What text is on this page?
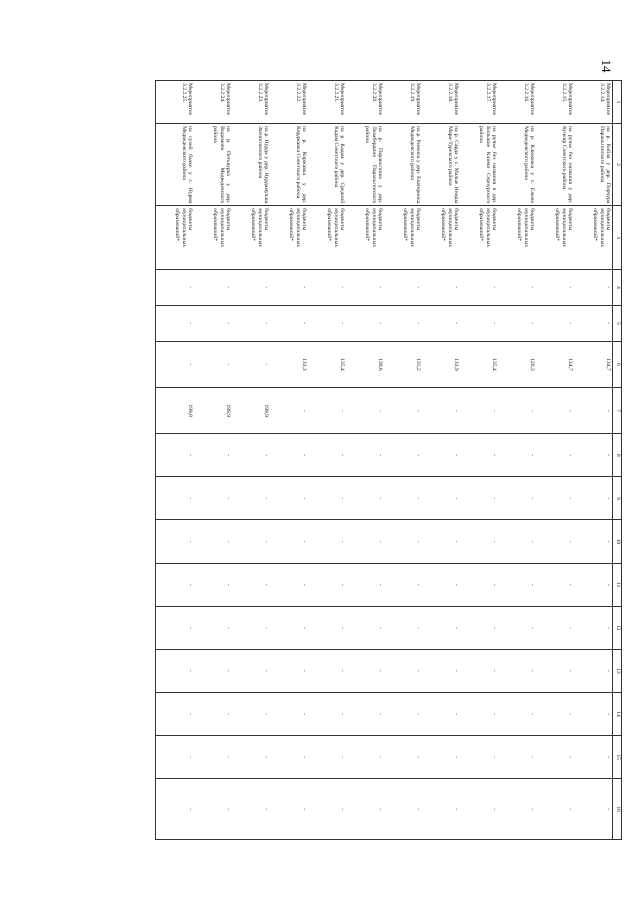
14
1	2	3	4	5	6	7	8	9	10	11	12	13	14	15	16
Мероприятие 3.2.2.14.	на р. Койла у дер. Порчура Параньгинского района	бюджеты муниципальных образований*	-	-	134,7	-	-	-	-	-	-	-	-	-	-
Мероприятие 3.2.2.15.	на ручье без названия у дер. Кучеир Советского района	бюджеты муниципальных образований*	-	-	134,7	-	-	-	-	-	-	-	-	-	-
Мероприятие 3.2.2.16.	на р. Клюковка у с. Ежово Медведевского района	бюджеты муниципальных образований*	-	-	120,3	-	-	-	-	-	-	-	-	-	-
Мероприятие 3.2.2.17.	на ручье без названия в дер. Большие Ключи Сернурского района	бюджеты муниципальных образований*	-	-	135,4	-	-	-	-	-	-	-	-	-	-
Мероприятие 3.2.2.18.	на р. Сарда у с. Малые Немды Мари-Турекского района	бюджеты муниципальных образований*	-	-	133,9	-	-	-	-	-	-	-	-	-	-
Мероприятие 3.2.2.19.	на р. Ревенка у дер. Екатеринка Медведевского района	бюджеты муниципальных образований*	-	-	135,2	-	-	-	-	-	-	-	-	-	-
Мероприятие 3.2.2.20.	на р. Параньгинка у дер. Люмбердино Параньгинского района	бюджеты муниципальных образований*	-	-	130,6	-	-	-	-	-	-	-	-	-	-
Мероприятие 3.2.2.21.	на р. Кадам у дер. Средний Кадам Советского района	бюджеты муниципальных образований*	-	-	135,4	-	-	-	-	-	-	-	-	-	-
Мероприятие 3.2.2.22.	на р. Коржавка у дер. Корджавка Советского района	бюджеты муниципальных образований*	-	-	133,3	-	-	-	-	-	-	-	-	-	-
Мероприятие 3.2.2.23.	на р. Нурда у дер. Нурдамучаш Звениговского района	бюджеты муниципальных образований*	-	-	-	199,9	-	-	-	-	-	-	-	-	-
Мероприятие 3.2.2.24.	на р. Петьяурка у дер. Видимово Медведевского района	бюджеты муниципальных образований*	-	-	-	199,9	-	-	-	-	-	-	-	-	-
Мероприятие 3.2.2.25.	на сухой балке у с. Нурма Медведевского района	бюджеты муниципальных образований*	-	-	-	199,8	-	-	-	-	-	-	-	-	-
